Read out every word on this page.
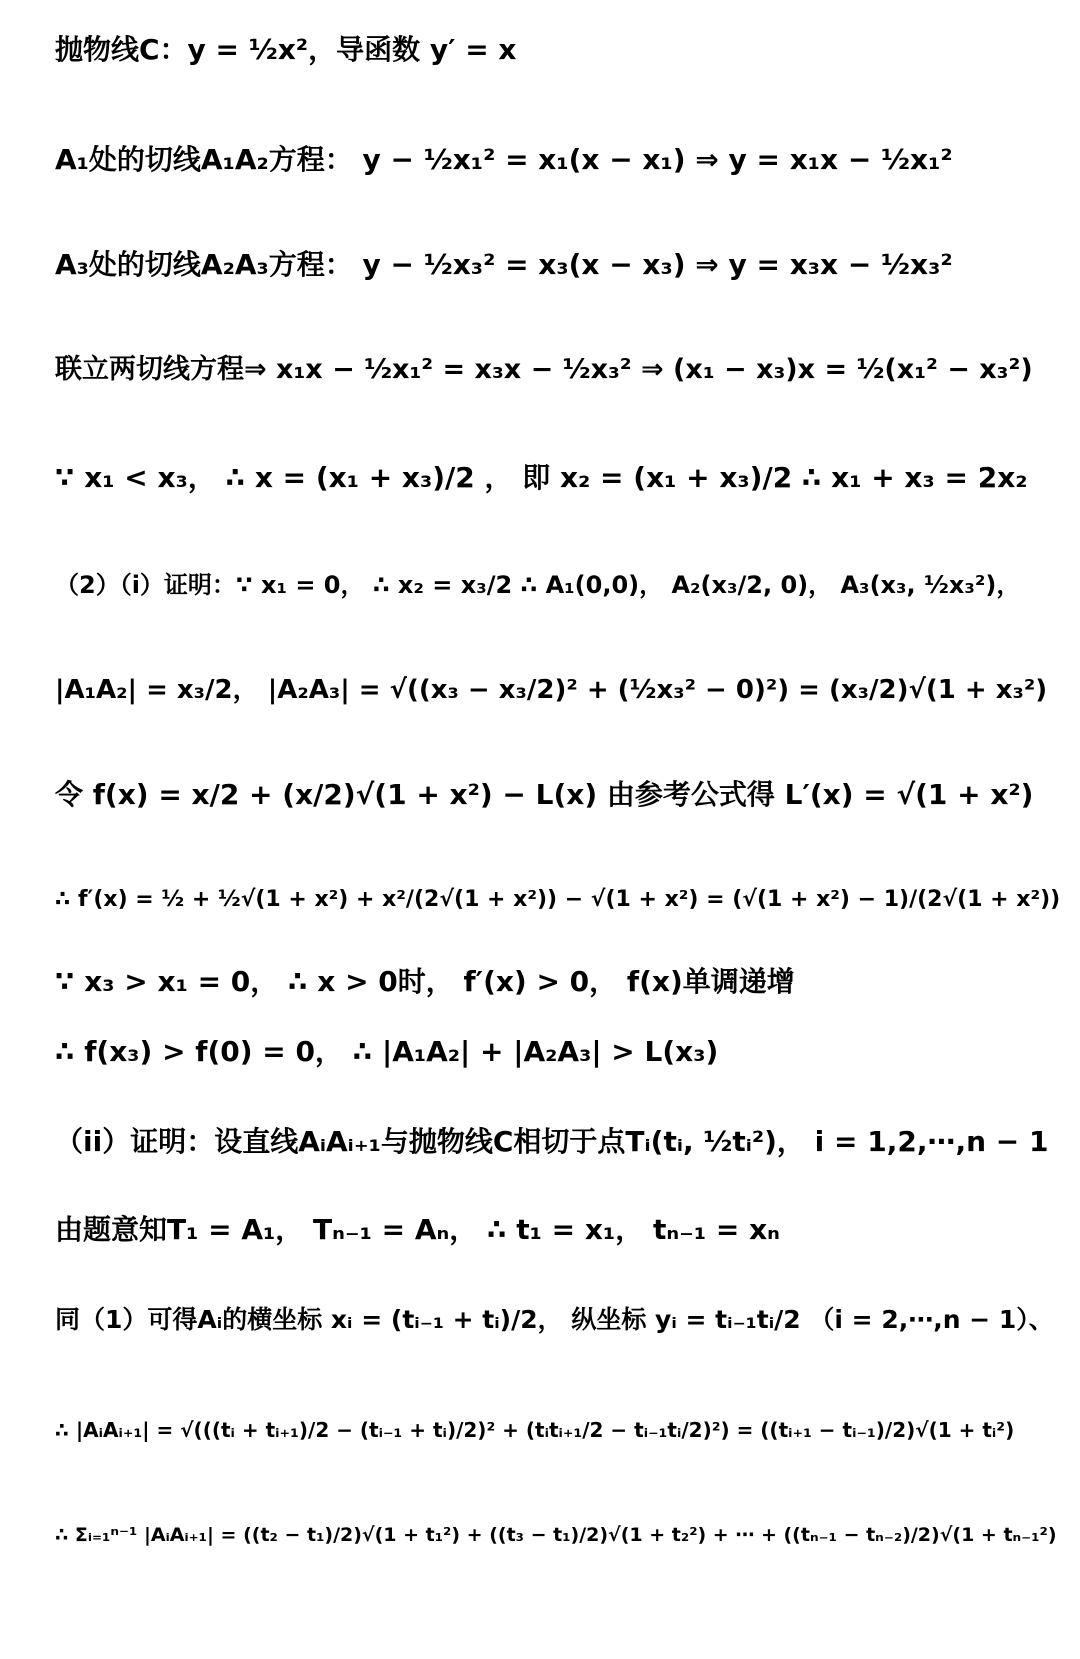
抛物线C：y = ½x²，导函数 y′ = x
A₁处的切线A₁A₂方程： y − ½x₁² = x₁(x − x₁) ⇒ y = x₁x − ½x₁²
A₃处的切线A₂A₃方程： y − ½x₃² = x₃(x − x₃) ⇒ y = x₃x − ½x₃²
联立两切线方程⇒ x₁x − ½x₁² = x₃x − ½x₃² ⇒ (x₁ − x₃)x = ½(x₁² − x₃²)
∵ x₁ < x₃， ∴ x = (x₁ + x₃)/2 ， 即 x₂ = (x₁ + x₃)/2 ∴ x₁ + x₃ = 2x₂
（2）（i）证明：∵ x₁ = 0， ∴ x₂ = x₃/2 ∴ A₁(0,0)， A₂(x₃/2, 0)， A₃(x₃, ½x₃²)，
|A₁A₂| = x₃/2， |A₂A₃| = √((x₃ − x₃/2)² + (½x₃² − 0)²) = (x₃/2)√(1 + x₃²)
令 f(x) = x/2 + (x/2)√(1 + x²) − L(x) 由参考公式得 L′(x) = √(1 + x²)
∴ f′(x) = ½ + ½√(1 + x²) + x²/(2√(1 + x²)) − √(1 + x²) = (√(1 + x²) − 1)/(2√(1 + x²))
∵ x₃ > x₁ = 0， ∴ x > 0时， f′(x) > 0， f(x)单调递增
∴ f(x₃) > f(0) = 0， ∴ |A₁A₂| + |A₂A₃| > L(x₃)
（ii）证明：设直线AᵢAᵢ₊₁与抛物线C相切于点Tᵢ(tᵢ, ½tᵢ²)， i = 1,2,⋯,n − 1
由题意知T₁ = A₁， Tₙ₋₁ = Aₙ， ∴ t₁ = x₁， tₙ₋₁ = xₙ
同（1）可得Aᵢ的横坐标 xᵢ = (tᵢ₋₁ + tᵢ)/2， 纵坐标 yᵢ = tᵢ₋₁tᵢ/2 （i = 2,⋯,n − 1）、
∴ |AᵢAᵢ₊₁| = √(((tᵢ + tᵢ₊₁)/2 − (tᵢ₋₁ + tᵢ)/2)² + (tᵢtᵢ₊₁/2 − tᵢ₋₁tᵢ/2)²) = ((tᵢ₊₁ − tᵢ₋₁)/2)√(1 + tᵢ²)
∴ Σᵢ₌₁ⁿ⁻¹ |AᵢAᵢ₊₁| = ((t₂ − t₁)/2)√(1 + t₁²) + ((t₃ − t₁)/2)√(1 + t₂²) + ⋯ + ((tₙ₋₁ − tₙ₋₂)/2)√(1 + tₙ₋₁²)
